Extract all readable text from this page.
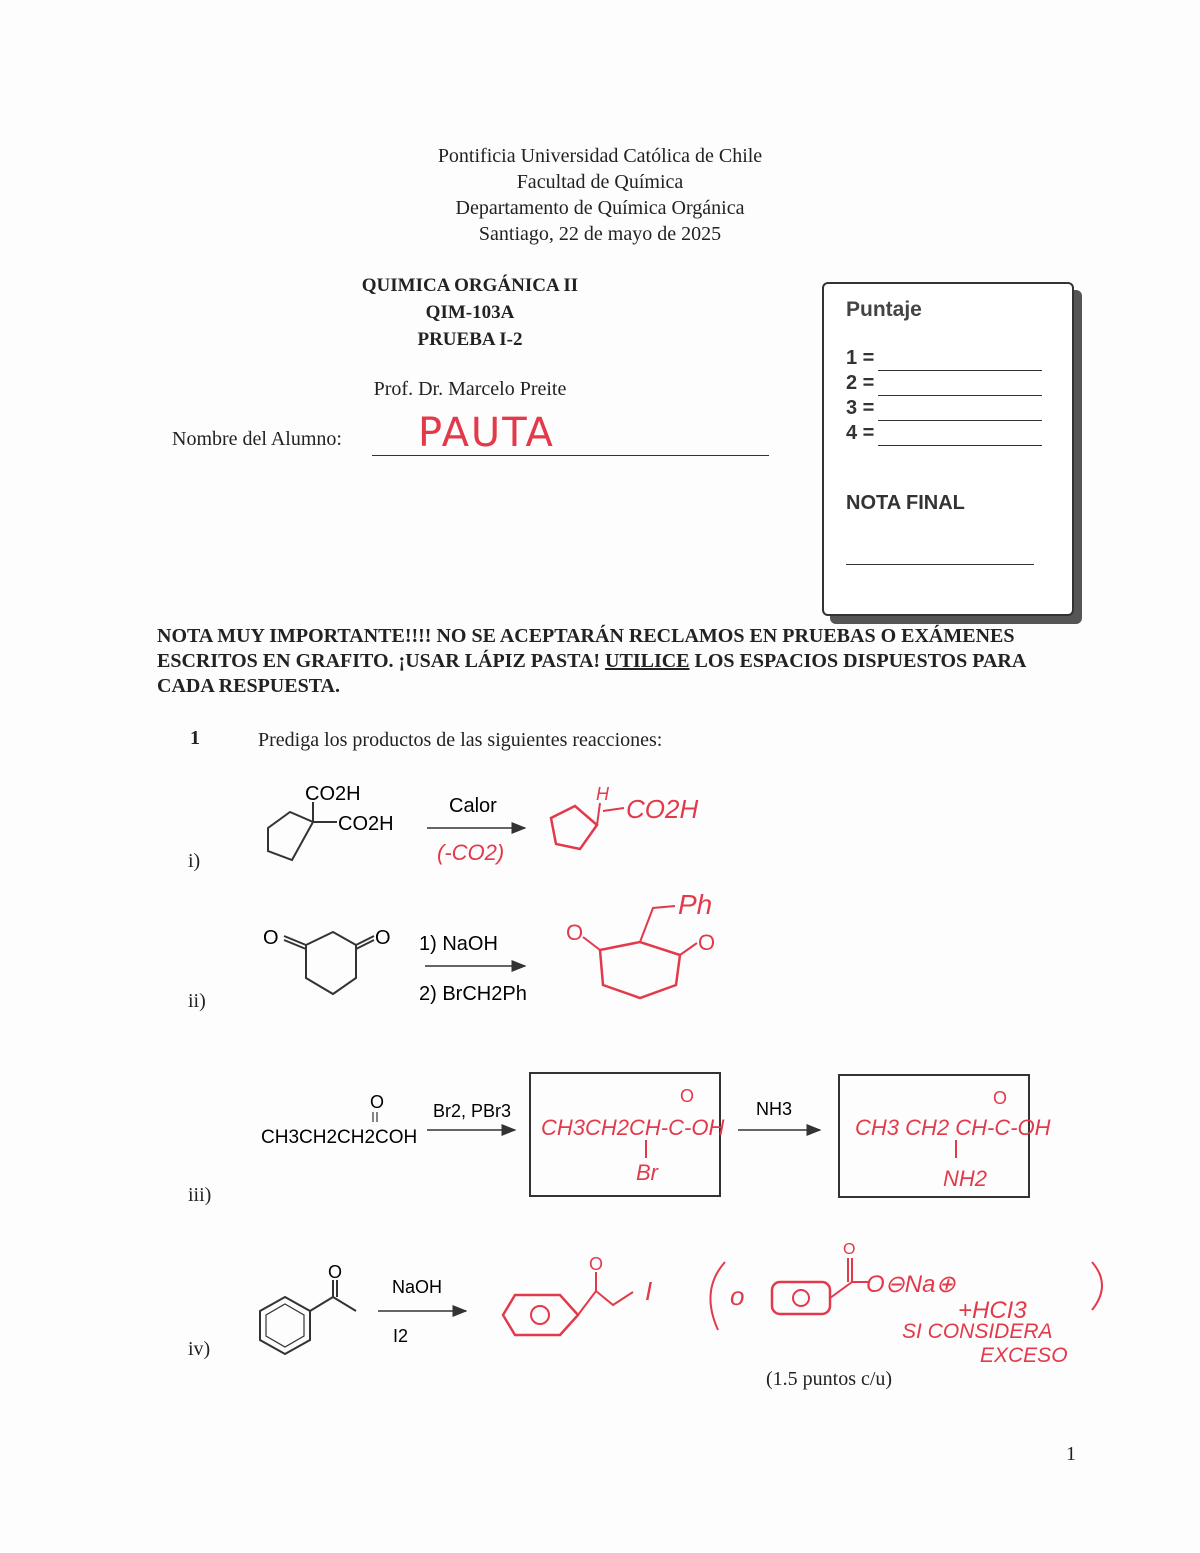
Pontificia Universidad Católica de Chile
Facultad de Química
Departamento de Química Orgánica
Santiago, 22 de mayo de 2025
QUIMICA ORGÁNICA II
QIM-103A
PRUEBA I-2
Prof. Dr. Marcelo Preite
Nombre del Alumno: PAUTA
Puntaje
1 =
2 =
3 =
4 =
NOTA FINAL
NOTA MUY IMPORTANTE!!!! NO SE ACEPTARÁN RECLAMOS EN PRUEBAS O EXÁMENES ESCRITOS EN GRAFITO. ¡USAR LÁPIZ PASTA! UTILICE LOS ESPACIOS DISPUESTOS PARA CADA RESPUESTA.
1	Prediga los productos de las siguientes reacciones:
i)
ii)
iii)
iv)
CO2H
CO2H
Calor
(-CO2)
H CO2H
O	O 1) NaOH
2) BrCH2Ph
O	O
Ph
O
CH3CH2CH2COH
Br2, PBr3
O
CH3CH2CH-C-OH
Br
NH3
O
CH3 CH2 CH-C-OH
NH2
O
NaOH
I2
O
I	o
O
O⊖Na⊕
+HCI3
SI CONSIDERA
EXCESO
(1.5 puntos c/u)
1
